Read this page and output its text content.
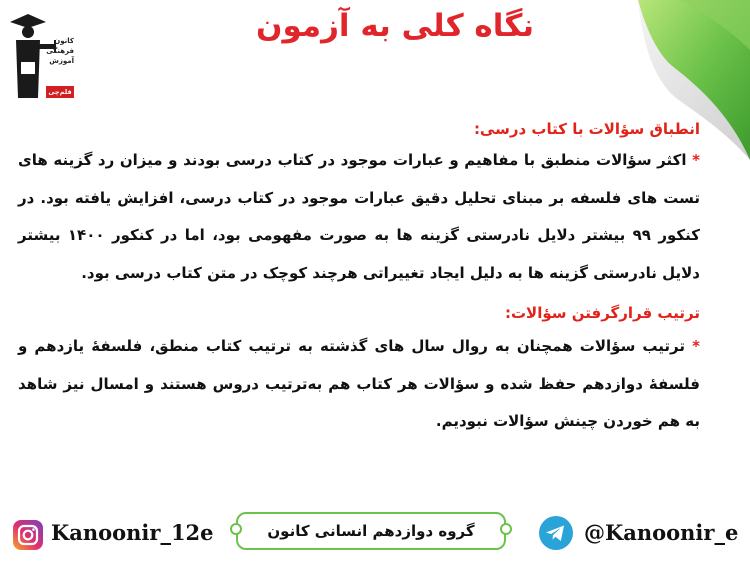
کانون
فرهنگی
آموزش
قلم‌چی
نگاه کلی به آزمون

انطباق سؤالات با کتاب درسی:

* اکثر سؤالات منطبق با مفاهیم و عبارات موجود در کتاب درسی بودند و میزان رد گزینه های تست های فلسفه بر مبنای تحلیل دقیق عبارات موجود در کتاب درسی، افزایش یافته بود. در کنکور ۹۹ بیشتر دلایل نادرستی گزینه ها به صورت مفهومی بود، اما در کنکور ۱۴۰۰ بیشتر دلایل نادرستی گزینه ها به دلیل ایجاد تغییراتی هرچند کوچک در متن کتاب درسی بود.

ترتیب قرارگرفتن سؤالات:

* ترتیب سؤالات همچنان به روال سال های گذشته به ترتیب کتاب منطق، فلسفهٔ یازدهم و فلسفهٔ دوازدهم حفظ شده و سؤالات هر کتاب هم به‌ترتیب دروس هستند و امسال نیز شاهد به هم خوردن چینش سؤالات نبودیم.

Kanoonir_12e	گروه دوازدهم انسانی کانون	@Kanoonir_e
